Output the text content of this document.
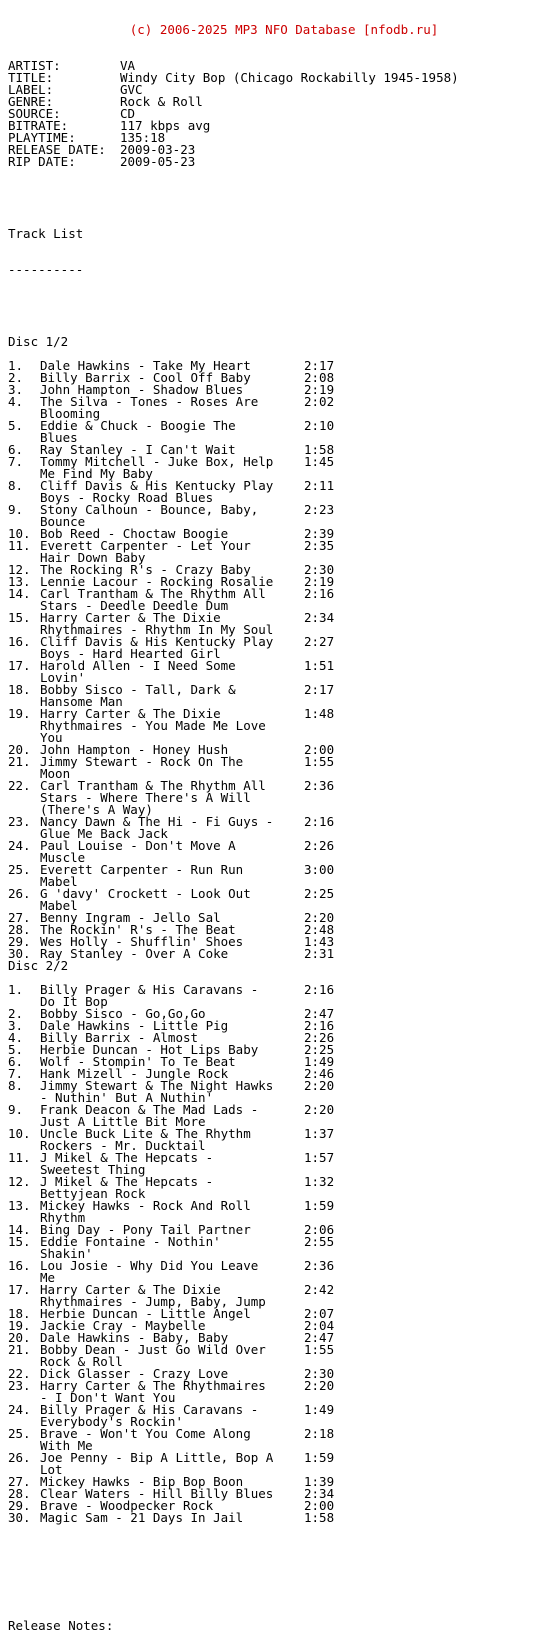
(c) 2006-2025 MP3 NFO Database [nfodb.ru]

ARTIST:	VA
TITLE:	Windy City Bop (Chicago Rockabilly 1945-1958)
LABEL:	GVC
GENRE:	Rock & Roll
SOURCE:	CD
BITRATE:	117 kbps avg
PLAYTIME:	135:18
RELEASE DATE: 2009-03-23
RIP DATE:	2009-05-23

Track List

----------

Disc 1/2
1. Dale Hawkins - Take My Heart	2:17
2. Billy Barrix - Cool Off Baby	2:08
3. John Hampton - Shadow Blues	2:19
4. The Silva - Tones - Roses Are	2:02
Blooming
5. Eddie & Chuck - Boogie The	2:10
Blues
6. Ray Stanley - I Can't Wait	1:58
7. Tommy Mitchell - Juke Box, Help 1:45
Me Find My Baby
8. Cliff Davis & His Kentucky Play 2:11
Boys - Rocky Road Blues
9. Stony Calhoun - Bounce, Baby,	2:23
Bounce
10. Bob Reed - Choctaw Boogie	2:39
11. Everett Carpenter - Let Your	2:35
Hair Down Baby
12. The Rocking R's - Crazy Baby	2:30
13. Lennie Lacour - Rocking Rosalie 2:19
14. Carl Trantham & The Rhythm All	2:16
Stars - Deedle Deedle Dum
15. Harry Carter & The Dixie	2:34
Rhythmaires - Rhythm In My Soul
16. Cliff Davis & His Kentucky Play 2:27
Boys - Hard Hearted Girl
17. Harold Allen - I Need Some	1:51
Lovin'
18. Bobby Sisco - Tall, Dark &	2:17
Hansome Man
19. Harry Carter & The Dixie	1:48
Rhythmaires - You Made Me Love
You
20. John Hampton - Honey Hush	2:00
21. Jimmy Stewart - Rock On The	1:55
Moon
22. Carl Trantham & The Rhythm All	2:36
Stars - Where There's A Will
(There's A Way)
23. Nancy Dawn & The Hi - Fi Guys - 2:16
Glue Me Back Jack
24. Paul Louise - Don't Move A	2:26
Muscle
25. Everett Carpenter - Run Run	3:00
Mabel
26. G 'davy' Crockett - Look Out	2:25
Mabel
27. Benny Ingram - Jello Sal	2:20
28. The Rockin' R's - The Beat	2:48
29. Wes Holly - Shufflin' Shoes	1:43
30. Ray Stanley - Over A Coke	2:31
Disc 2/2
1. Billy Prager & His Caravans -	2:16
Do It Bop
2. Bobby Sisco - Go,Go,Go	2:47
3. Dale Hawkins - Little Pig	2:16
4. Billy Barrix - Almost	2:26
5. Herbie Duncan - Hot Lips Baby	2:25
6. Wolf - Stompin' To Te Beat	1:49
7. Hank Mizell - Jungle Rock	2:46
8. Jimmy Stewart & The Night Hawks 2:20
- Nuthin' But A Nuthin'
9. Frank Deacon & The Mad Lads -	2:20
Just A Little Bit More
10. Uncle Buck Lite & The Rhythm	1:37
Rockers - Mr. Ducktail
11. J Mikel & The Hepcats -	1:57
Sweetest Thing
12. J Mikel & The Hepcats -	1:32
Bettyjean Rock
13. Mickey Hawks - Rock And Roll	1:59
Rhythm
14. Bing Day - Pony Tail Partner	2:06
15. Eddie Fontaine - Nothin'	2:55
Shakin'
16. Lou Josie - Why Did You Leave	2:36
Me
17. Harry Carter & The Dixie	2:42
Rhythmaires - Jump, Baby, Jump
18. Herbie Duncan - Little Angel	2:07
19. Jackie Cray - Maybelle	2:04
20. Dale Hawkins - Baby, Baby	2:47
21. Bobby Dean - Just Go Wild Over	1:55
Rock & Roll
22. Dick Glasser - Crazy Love	2:30
23. Harry Carter & The Rhythmaires	2:20
- I Don't Want You
24. Billy Prager & His Caravans -	1:49
Everybody's Rockin'
25. Brave - Won't You Come Along	2:18
With Me
26. Joe Penny - Bip A Little, Bop A 1:59
Lot
27. Mickey Hawks - Bip Bop Boon	1:39
28. Clear Waters - Hill Billy Blues 2:34
29. Brave - Woodpecker Rock	2:00
30. Magic Sam - 21 Days In Jail	1:58

Release Notes:
